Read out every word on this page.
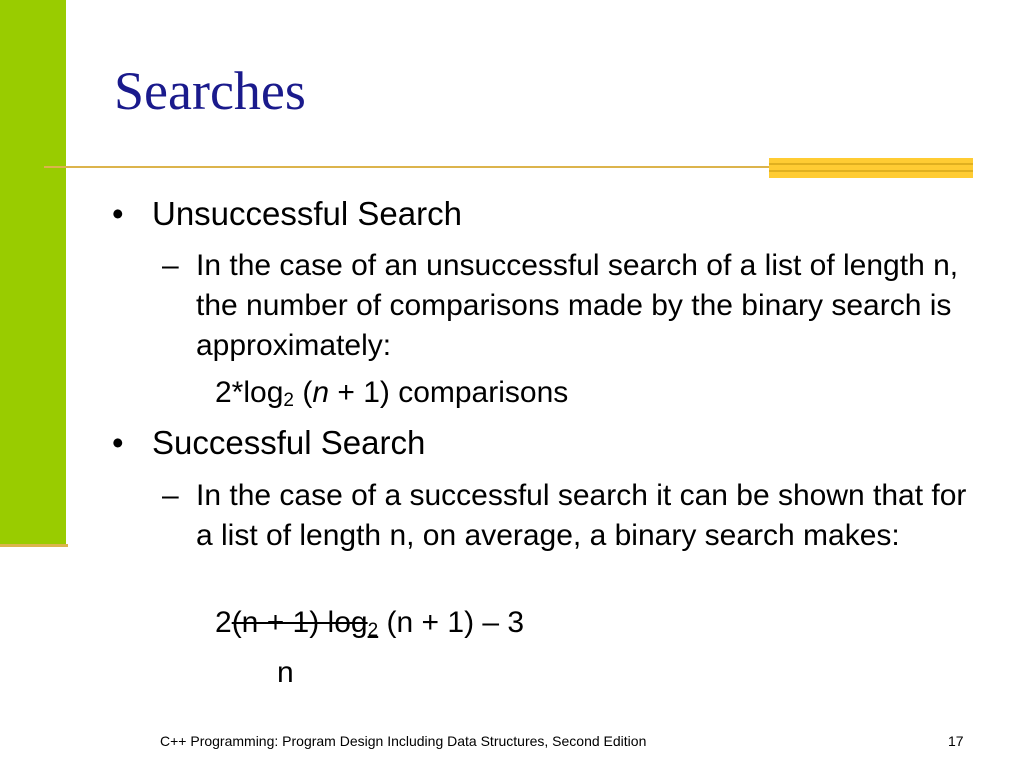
Searches
• Unsuccessful Search
– In the case of an unsuccessful search of a list of length n, the number of comparisons made by the binary search is approximately:
$2*\log_2$ (n + 1) comparisons
• Successful Search
– In the case of a successful search it can be shown that for a list of length n, on average, a binary search makes:
2(n + 1) $\log_2 (n + 1) - 3$
n
C++ Programming: Program Design Including Data Structures, Second Edition	17
